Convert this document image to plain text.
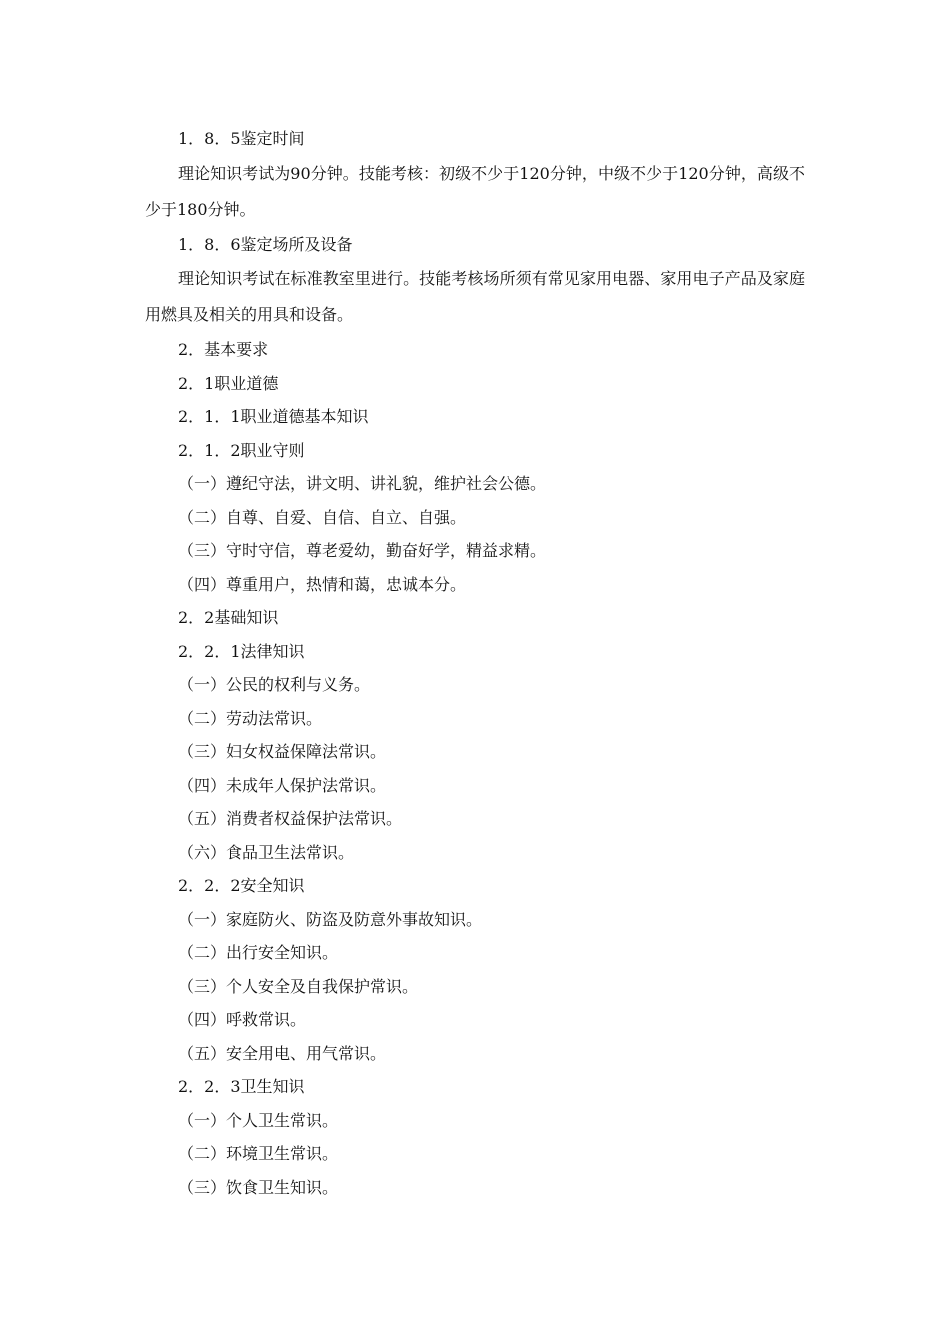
1．8．5鉴定时间

理论知识考试为90分钟。技能考核：初级不少于120分钟，中级不少于120分钟，高级不少于180分钟。

1．8．6鉴定场所及设备

理论知识考试在标准教室里进行。技能考核场所须有常见家用电器、家用电子产品及家庭用燃具及相关的用具和设备。

2．基本要求
2．1职业道德
2．1．1职业道德基本知识
2．1．2职业守则
（一）遵纪守法，讲文明、讲礼貌，维护社会公德。
（二）自尊、自爱、自信、自立、自强。
（三）守时守信，尊老爱幼，勤奋好学，精益求精。
（四）尊重用户，热情和蔼，忠诚本分。
2．2基础知识
2．2．1法律知识
（一）公民的权利与义务。
（二）劳动法常识。
（三）妇女权益保障法常识。
（四）未成年人保护法常识。
（五）消费者权益保护法常识。
（六）食品卫生法常识。
2．2．2安全知识
（一）家庭防火、防盗及防意外事故知识。
（二）出行安全知识。
（三）个人安全及自我保护常识。
（四）呼救常识。
（五）安全用电、用气常识。
2．2．3卫生知识
（一）个人卫生常识。
（二）环境卫生常识。
（三）饮食卫生知识。
